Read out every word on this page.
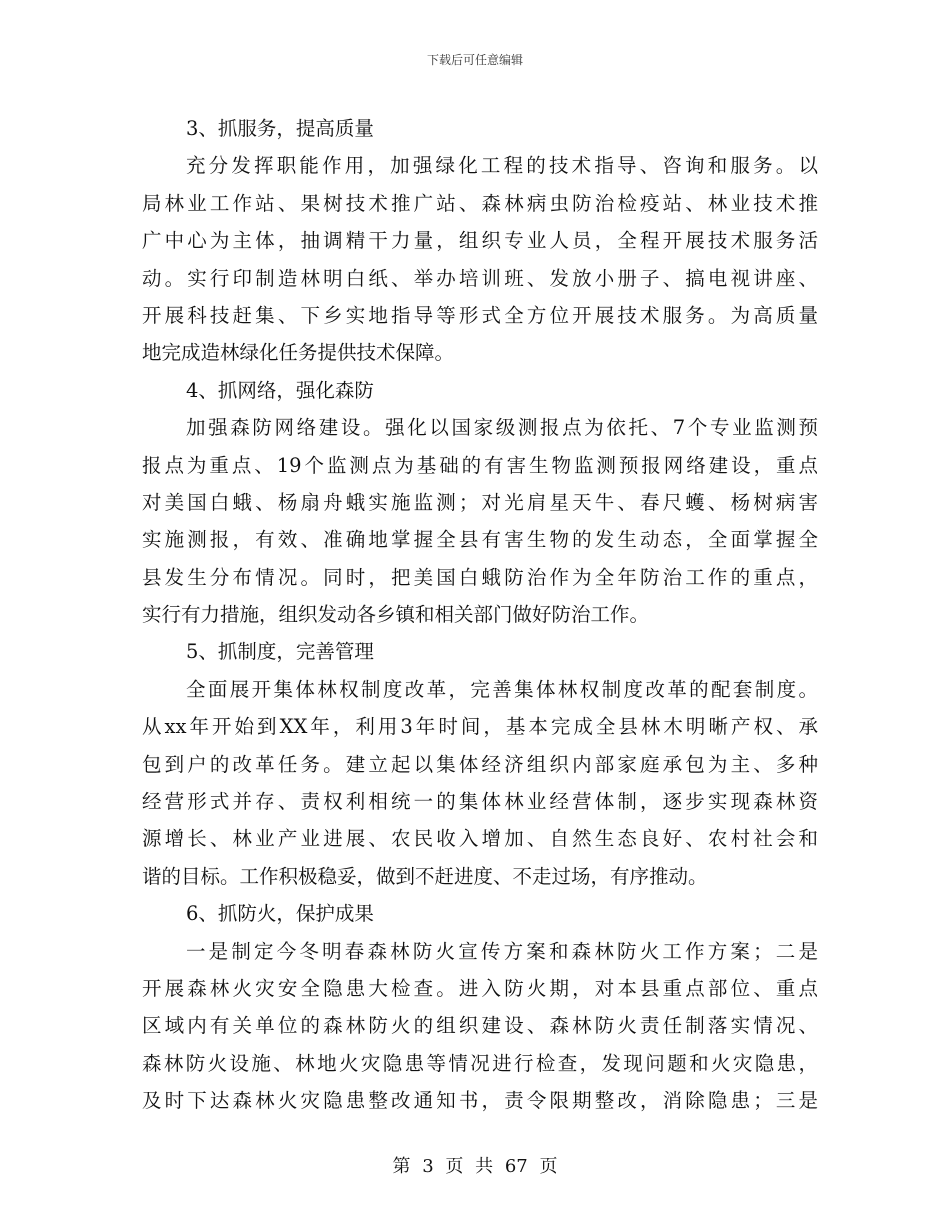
下载后可任意编辑
3、抓服务，提高质量
充分发挥职能作用，加强绿化工程的技术指导、咨询和服务。以
局林业工作站、果树技术推广站、森林病虫防治检疫站、林业技术推
广中心为主体，抽调精干力量，组织专业人员，全程开展技术服务活
动。实行印制造林明白纸、举办培训班、发放小册子、搞电视讲座、
开展科技赶集、下乡实地指导等形式全方位开展技术服务。为高质量
地完成造林绿化任务提供技术保障。
4、抓网络，强化森防
加强森防网络建设。强化以国家级测报点为依托、7个专业监测预
报点为重点、19个监测点为基础的有害生物监测预报网络建设，重点
对美国白蛾、杨扇舟蛾实施监测；对光肩星天牛、春尺蠖、杨树病害
实施测报，有效、准确地掌握全县有害生物的发生动态，全面掌握全
县发生分布情况。同时，把美国白蛾防治作为全年防治工作的重点，
实行有力措施，组织发动各乡镇和相关部门做好防治工作。
5、抓制度，完善管理
全面展开集体林权制度改革，完善集体林权制度改革的配套制度。
从xx年开始到XX年，利用3年时间，基本完成全县林木明晰产权、承
包到户的改革任务。建立起以集体经济组织内部家庭承包为主、多种
经营形式并存、责权利相统一的集体林业经营体制，逐步实现森林资
源增长、林业产业进展、农民收入增加、自然生态良好、农村社会和
谐的目标。工作积极稳妥，做到不赶进度、不走过场，有序推动。
6、抓防火，保护成果
一是制定今冬明春森林防火宣传方案和森林防火工作方案；二是
开展森林火灾安全隐患大检查。进入防火期，对本县重点部位、重点
区域内有关单位的森林防火的组织建设、森林防火责任制落实情况、
森林防火设施、林地火灾隐患等情况进行检查，发现问题和火灾隐患，
及时下达森林火灾隐患整改通知书，责令限期整改，消除隐患；三是
第 3 页 共 67 页
